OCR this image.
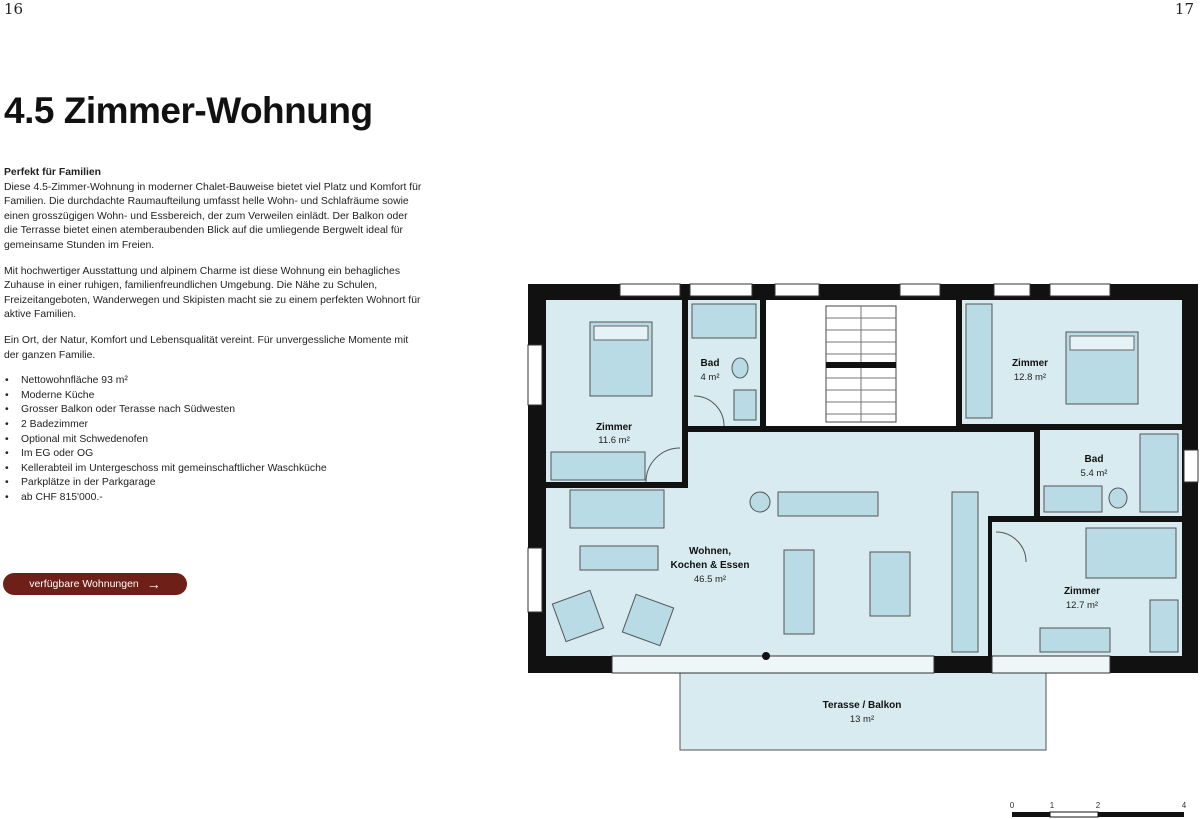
16	17
4.5 Zimmer-Wohnung
Perfekt für Familien

Diese 4.5-Zimmer-Wohnung in moderner Chalet-Bauweise bietet viel Platz und Komfort für Familien. Die durchdachte Raumaufteilung umfasst helle Wohn- und Schlafräume sowie einen grosszügigen Wohn- und Essbereich, der zum Verweilen einlädt. Der Balkon oder die Terrasse bietet einen atemberaubenden Blick auf die umliegende Bergwelt ideal für gemeinsame Stunden im Freien.

Mit hochwertiger Ausstattung und alpinem Charme ist diese Wohnung ein behagliches Zuhause in einer ruhigen, familienfreundlichen Umgebung. Die Nähe zu Schulen, Freizeitangeboten, Wanderwegen und Skipisten macht sie zu einem perfekten Wohnort für aktive Familien.

Ein Ort, der Natur, Komfort und Lebensqualität vereint. Für unvergessliche Momente mit der ganzen Familie.

• Nettowohnfläche 93 m²
• Moderne Küche
• Grosser Balkon oder Terasse nach Südwesten
• 2 Badezimmer
• Optional mit Schwedenofen
• Im EG oder OG
• Kellerabteil im Untergeschoss mit gemeinschaftlicher Waschküche
• Parkplätze in der Parkgarage
• ab CHF 815'000.-
verfügbare Wohnungen →
Zimmer
11.6 m²
Bad
4 m²
Zimmer
12.8 m²
Bad
5.4 m²
Wohnen,
Kochen & Essen
46.5 m²
Zimmer
12.7 m²
Terasse / Balkon
13 m²
0	1	2	4
